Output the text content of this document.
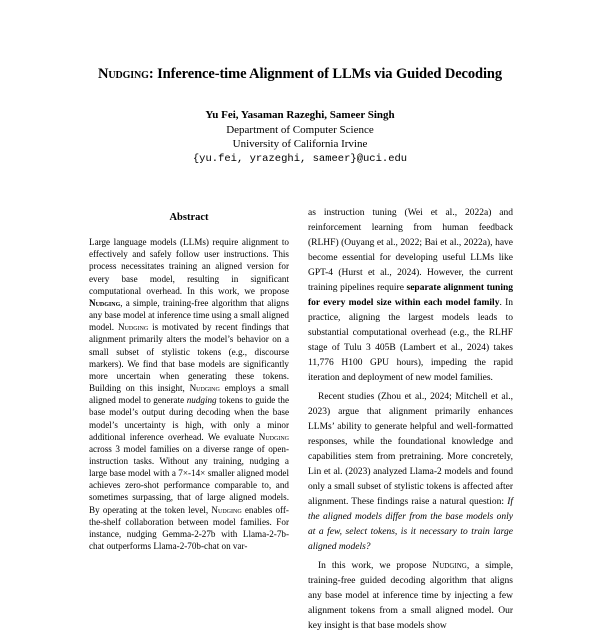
Nudging: Inference-time Alignment of LLMs via Guided Decoding
Yu Fei, Yasaman Razeghi, Sameer Singh
Department of Computer Science
University of California Irvine
{yu.fei, yrazeghi, sameer}@uci.edu

Abstract

Large language models (LLMs) require alignment to effectively and safely follow user instructions. This process necessitates training an aligned version for every base model, resulting in significant computational overhead. In this work, we propose Nudging, a simple, training-free algorithm that aligns any base model at inference time using a small aligned model. Nudging is motivated by recent findings that alignment primarily alters the model’s behavior on a small subset of stylistic tokens (e.g., discourse markers). We find that base models are significantly more uncertain when generating these tokens. Building on this insight, Nudging employs a small aligned model to generate nudging tokens to guide the base model’s output during decoding when the base model’s uncertainty is high, with only a minor additional inference overhead. We evaluate Nudging across 3 model families on a diverse range of open-instruction tasks. Without any training, nudging a large base model with a 7×-14× smaller aligned model achieves zero-shot performance comparable to, and sometimes surpassing, that of large aligned models. By operating at the token level, Nudging enables off-the-shelf collaboration between model families. For instance, nudging Gemma-2-27b with Llama-2-7b-chat outperforms Llama-2-70b-chat on var-

as instruction tuning (Wei et al., 2022a) and reinforcement learning from human feedback (RLHF) (Ouyang et al., 2022; Bai et al., 2022a), have become essential for developing useful LLMs like GPT-4 (Hurst et al., 2024). However, the current training pipelines require separate alignment tuning for every model size within each model family. In practice, aligning the largest models leads to substantial computational overhead (e.g., the RLHF stage of Tulu 3 405B (Lambert et al., 2024) takes 11,776 H100 GPU hours), impeding the rapid iteration and deployment of new model families.

Recent studies (Zhou et al., 2024; Mitchell et al., 2023) argue that alignment primarily enhances LLMs’ ability to generate helpful and well-formatted responses, while the foundational knowledge and capabilities stem from pretraining. More concretely, Lin et al. (2023) analyzed Llama-2 models and found only a small subset of stylistic tokens is affected after alignment. These findings raise a natural question: If the aligned models differ from the base models only at a few, select tokens, is it necessary to train large aligned models?

In this work, we propose Nudging, a simple, training-free guided decoding algorithm that aligns any base model at inference time by injecting a few alignment tokens from a small aligned model. Our key insight is that base models show
